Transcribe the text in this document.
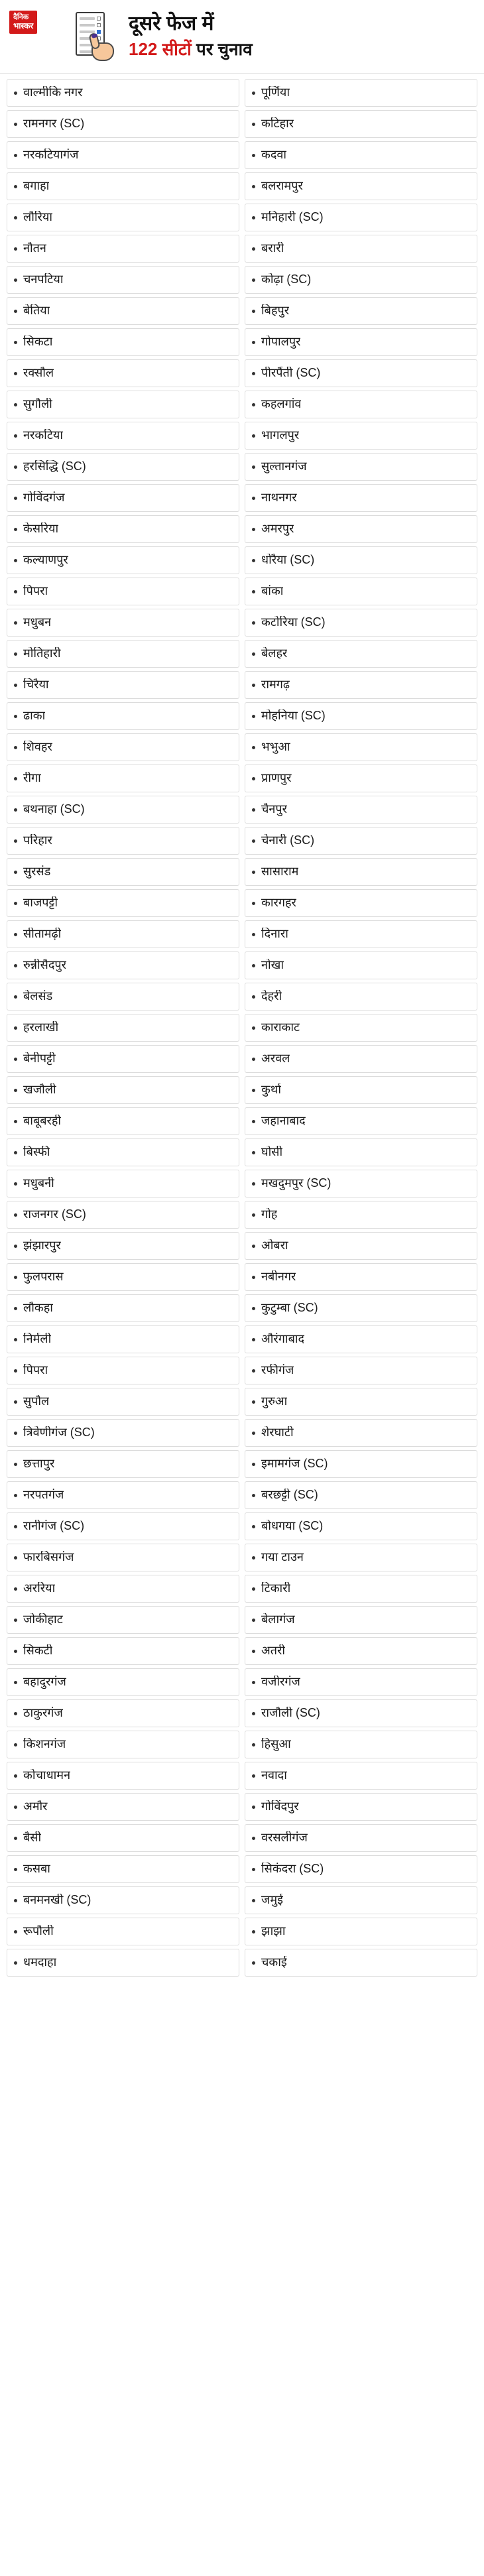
दैनिक
भास्कर	दूसरे फेज में
122 सीटों पर चुनाव
वाल्मीकि नगर
रामनगर (SC)
नरकटियागंज
बगाहा
लौरिया
नौतन
चनपटिया
बेतिया
सिकटा
रक्सौल
सुगौली
नरकटिया
हरसिद्धि (SC)
गोविंदगंज
केसरिया
कल्याणपुर
पिपरा
मधुबन
मोतिहारी
चिरैया
ढाका
शिवहर
रीगा
बथनाहा (SC)
परिहार
सुरसंड
बाजपट्टी
सीतामढ़ी
रुन्नीसैदपुर
बेलसंड
हरलाखी
बेनीपट्टी
खजौली
बाबूबरही
बिस्फी
मधुबनी
राजनगर (SC)
झंझारपुर
फुलपरास
लौकहा
निर्मली
पिपरा
सुपौल
त्रिवेणीगंज (SC)
छत्तापुर
नरपतगंज
रानीगंज (SC)
फारबिसगंज
अररिया
जोकीहाट
सिकटी
बहादुरगंज
ठाकुरगंज
किशनगंज
कोचाधामन
अमौर
बैसी
कसबा
बनमनखी (SC)
रूपौली
धमदाहा
पूर्णिया
कटिहार
कदवा
बलरामपुर
मनिहारी (SC)
बरारी
कोढ़ा (SC)
बिहपुर
गोपालपुर
पीरपैंती (SC)
कहलगांव
भागलपुर
सुल्तानगंज
नाथनगर
अमरपुर
धोरैया (SC)
बांका
कटोरिया (SC)
बेलहर
रामगढ़
मोहनिया (SC)
भभुआ
प्राणपुर
चैनपुर
चेनारी (SC)
सासाराम
कारगहर
दिनारा
नोखा
देहरी
काराकाट
अरवल
कुर्था
जहानाबाद
घोसी
मखदुमपुर (SC)
गोह
ओबरा
नबीनगर
कुटुम्बा (SC)
औरंगाबाद
रफीगंज
गुरुआ
शेरघाटी
इमामगंज (SC)
बरछट्टी (SC)
बोधगया (SC)
गया टाउन
टिकारी
बेलागंज
अतरी
वजीरगंज
राजौली (SC)
हिसुआ
नवादा
गोविंदपुर
वरसलीगंज
सिकंदरा (SC)
जमुई
झाझा
चकाई
